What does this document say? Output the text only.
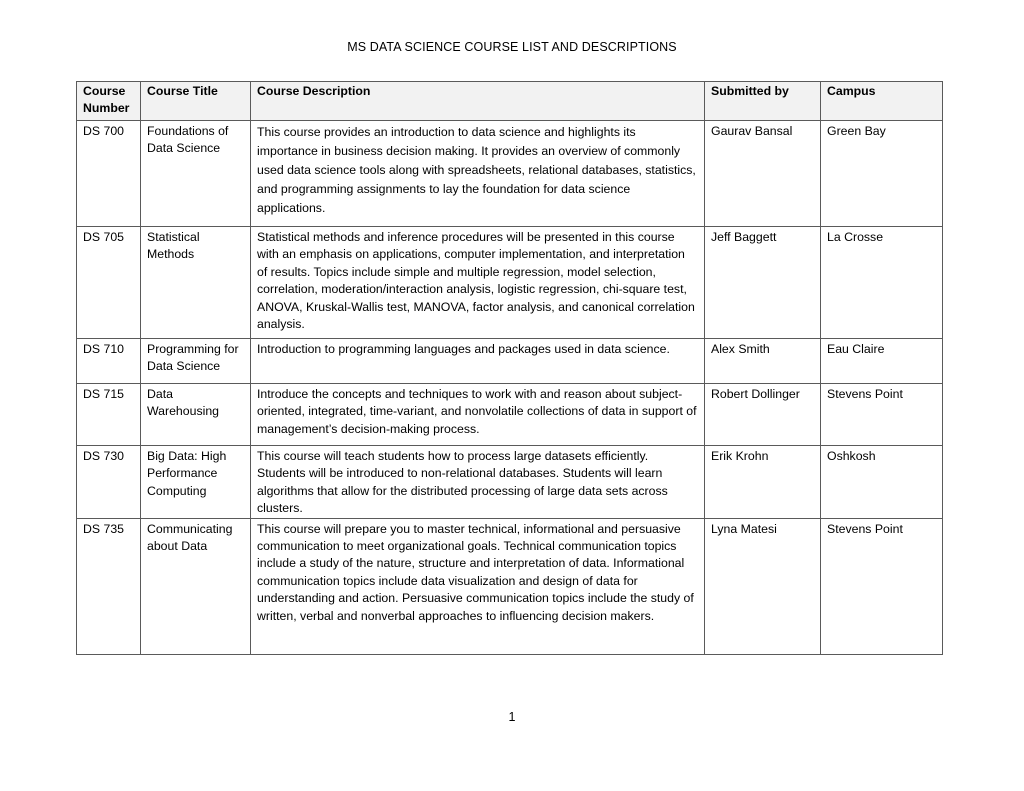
MS DATA SCIENCE COURSE LIST AND DESCRIPTIONS
Course Number	Course Title	Course Description	Submitted by	Campus
DS 700	Foundations of Data Science	This course provides an introduction to data science and highlights its importance in business decision making. It provides an overview of commonly used data science tools along with spreadsheets, relational databases, statistics, and programming assignments to lay the foundation for data science applications.	Gaurav Bansal	Green Bay
DS 705	Statistical Methods	Statistical methods and inference procedures will be presented in this course with an emphasis on applications, computer implementation, and interpretation of results. Topics include simple and multiple regression, model selection, correlation, moderation/interaction analysis, logistic regression, chi-square test, ANOVA, Kruskal-Wallis test, MANOVA, factor analysis, and canonical correlation analysis.	Jeff Baggett	La Crosse
DS 710	Programming for Data Science	Introduction to programming languages and packages used in data science.	Alex Smith	Eau Claire
DS 715	Data Warehousing	Introduce the concepts and techniques to work with and reason about subject-oriented, integrated, time-variant, and nonvolatile collections of data in support of management’s decision-making process.	Robert Dollinger	Stevens Point
DS 730	Big Data: High Performance Computing	This course will teach students how to process large datasets efficiently. Students will be introduced to non-relational databases. Students will learn algorithms that allow for the distributed processing of large data sets across clusters.	Erik Krohn	Oshkosh
DS 735	Communicating about Data	This course will prepare you to master technical, informational and persuasive communication to meet organizational goals. Technical communication topics include a study of the nature, structure and interpretation of data. Informational communication topics include data visualization and design of data for understanding and action. Persuasive communication topics include the study of written, verbal and nonverbal approaches to influencing decision makers.	Lyna Matesi	Stevens Point
1
